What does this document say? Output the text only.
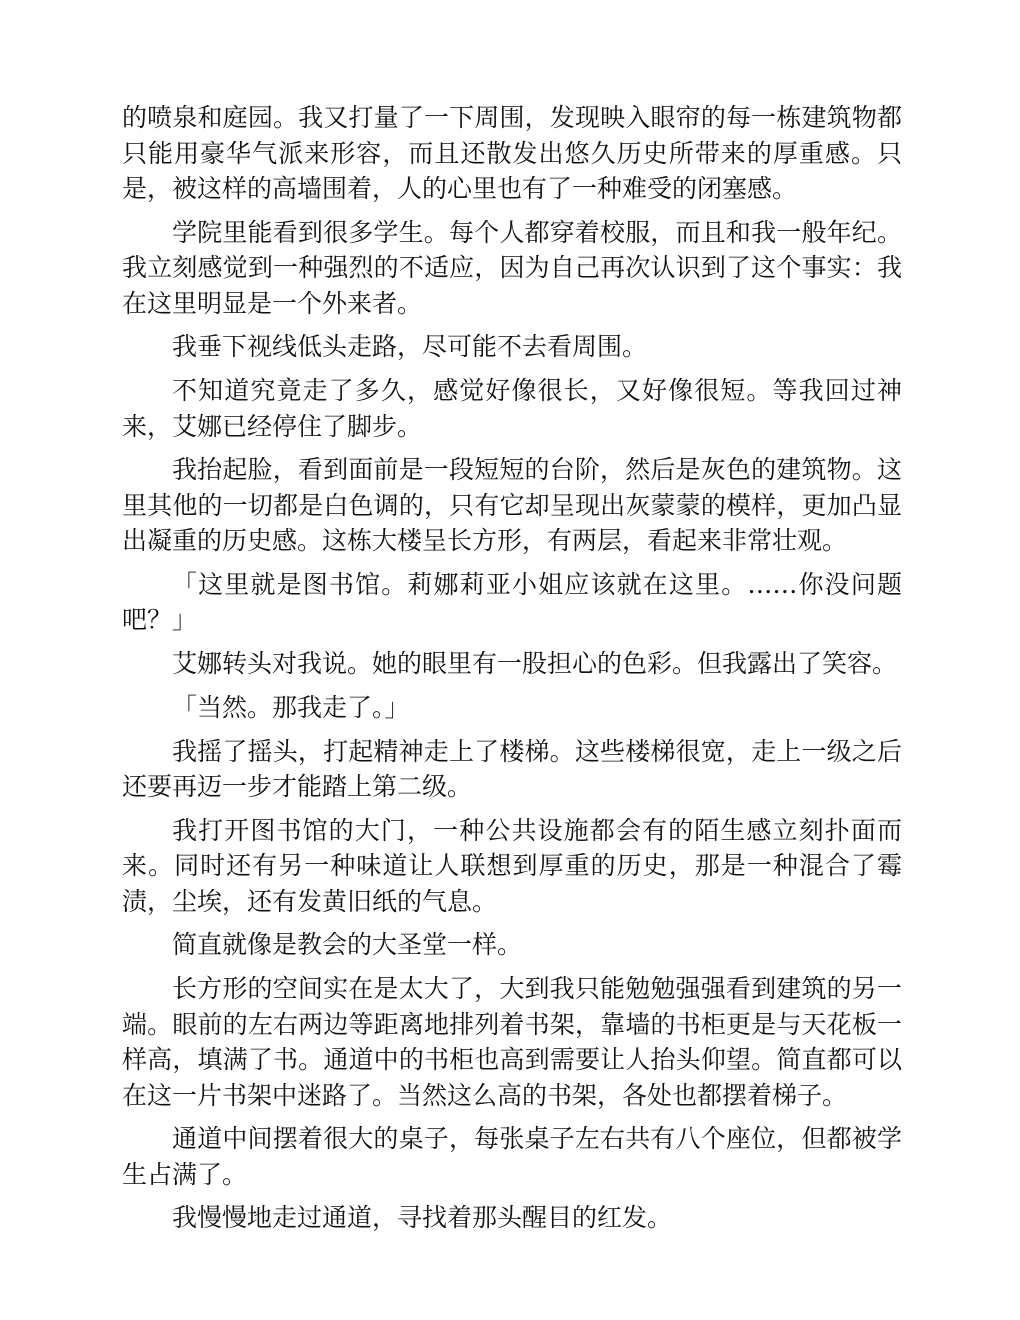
的喷泉和庭园。我又打量了一下周围，发现映入眼帘的每一栋建筑物都只能用豪华气派来形容，而且还散发出悠久历史所带来的厚重感。只是，被这样的高墙围着，人的心里也有了一种难受的闭塞感。

学院里能看到很多学生。每个人都穿着校服，而且和我一般年纪。我立刻感觉到一种强烈的不适应，因为自己再次认识到了这个事实：我在这里明显是一个外来者。

我垂下视线低头走路，尽可能不去看周围。

不知道究竟走了多久，感觉好像很长，又好像很短。等我回过神来，艾娜已经停住了脚步。

我抬起脸，看到面前是一段短短的台阶，然后是灰色的建筑物。这里其他的一切都是白色调的，只有它却呈现出灰蒙蒙的模样，更加凸显出凝重的历史感。这栋大楼呈长方形，有两层，看起来非常壮观。

「这里就是图书馆。莉娜莉亚小姐应该就在这里。……你没问题吧？」

艾娜转头对我说。她的眼里有一股担心的色彩。但我露出了笑容。

「当然。那我走了。」

我摇了摇头，打起精神走上了楼梯。这些楼梯很宽，走上一级之后还要再迈一步才能踏上第二级。

我打开图书馆的大门，一种公共设施都会有的陌生感立刻扑面而来。同时还有另一种味道让人联想到厚重的历史，那是一种混合了霉渍，尘埃，还有发黄旧纸的气息。

简直就像是教会的大圣堂一样。

长方形的空间实在是太大了，大到我只能勉勉强强看到建筑的另一端。眼前的左右两边等距离地排列着书架，靠墙的书柜更是与天花板一样高，填满了书。通道中的书柜也高到需要让人抬头仰望。简直都可以在这一片书架中迷路了。当然这么高的书架，各处也都摆着梯子。

通道中间摆着很大的桌子，每张桌子左右共有八个座位，但都被学生占满了。

我慢慢地走过通道，寻找着那头醒目的红发。
